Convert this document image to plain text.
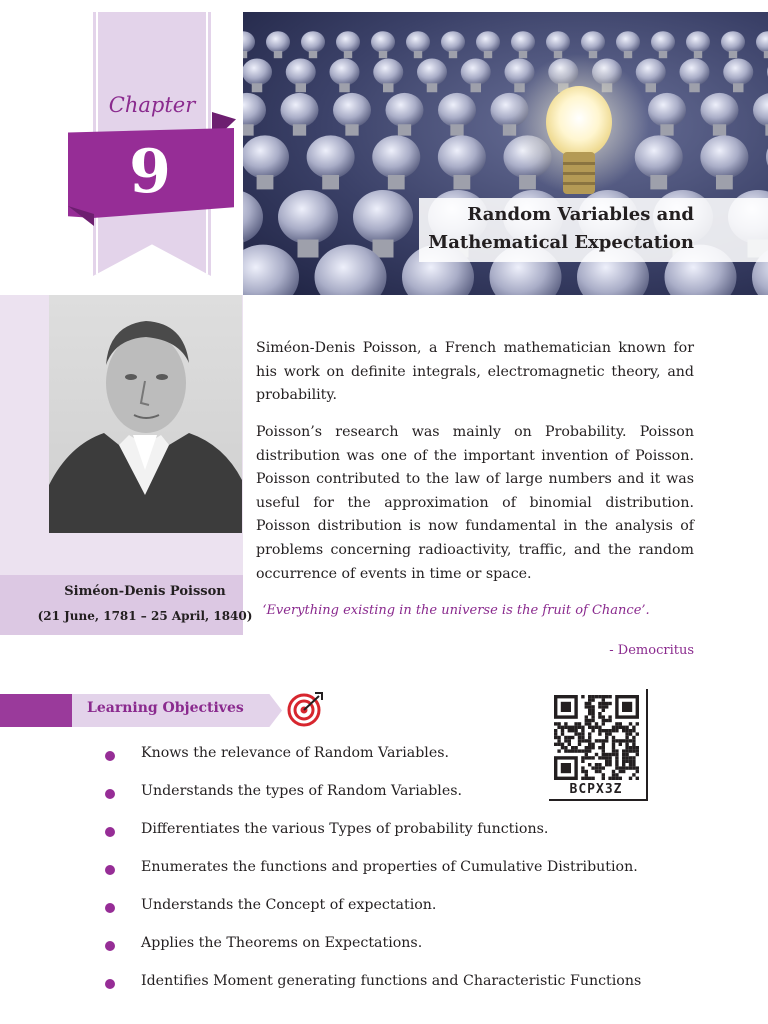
Chapter
9
Random Variables and
Mathematical Expectation
Siméon-Denis Poisson
(21 June, 1781 – 25 April, 1840)

Siméon-Denis Poisson, a French mathematician known for his work on definite integrals, electromagnetic theory, and probability.

Poisson’s research was mainly on Probability. Poisson distribution was one of the important invention of Poisson. Poisson contributed to the law of large numbers and it was useful for the approximation of binomial distribution. Poisson distribution is now fundamental in the analysis of problems concerning radioactivity, traffic, and the random occurrence of events in time or space.

‘Everything existing in the universe is the fruit of Chance’.
- Democritus
Learning Objectives
BCPX3Z
Knows the relevance of Random Variables.
Understands the types of Random Variables.
Differentiates the various Types of probability functions.
Enumerates the functions and properties of Cumulative Distribution.
Understands the Concept of expectation.
Applies the Theorems on Expectations.
Identifies Moment generating functions and Characteristic Functions
